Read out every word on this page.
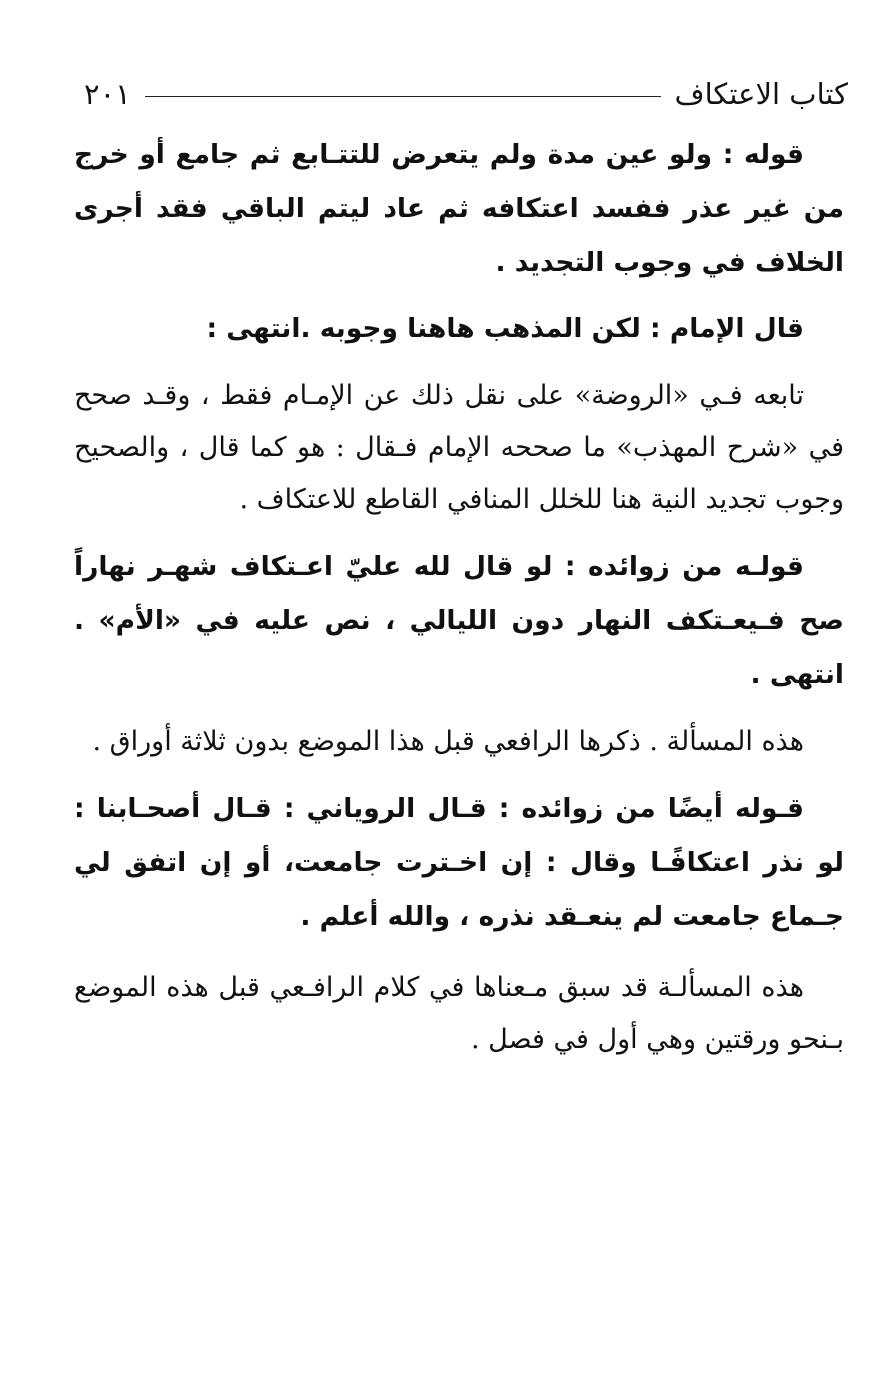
كتاب الاعتكاف
٢٠١

قوله : ولو عين مدة ولم يتعرض للتتـابع ثم جامع أو خرج من غير عذر ففسد اعتكافه ثم عاد ليتم الباقي فقد أجرى الخلاف في وجوب التجديد .

قال الإمام : لكن المذهب هاهنا وجوبه .انتهى :

تابعه فـي «الروضة» على نقل ذلك عن الإمـام فقط ، وقـد صحح في «شرح المهذب» ما صححه الإمام فـقال : هو كما قال ، والصحيح وجوب تجديد النية هنا للخلل المنافي القاطع للاعتكاف .

قولـه من زوائده : لو قال لله عليّ اعـتكاف شهـر نهاراً صح فـيعـتكف النهار دون الليالي ، نص عليه في «الأم» . انتهى .

هذه المسألة . ذكرها الرافعي قبل هذا الموضع بدون ثلاثة أوراق .

قـوله أيضًا من زوائده : قـال الروياني : قـال أصحـابنا : لو نذر اعتكافًـا وقال : إن اخـترت جامعت، أو إن اتفق لي جـماع جامعت لم ينعـقد نذره ، والله أعلم .

هذه المسألـة قد سبق مـعناها في كلام الرافـعي قبل هذه الموضع بـنحو ورقتين وهي أول في فصل .
